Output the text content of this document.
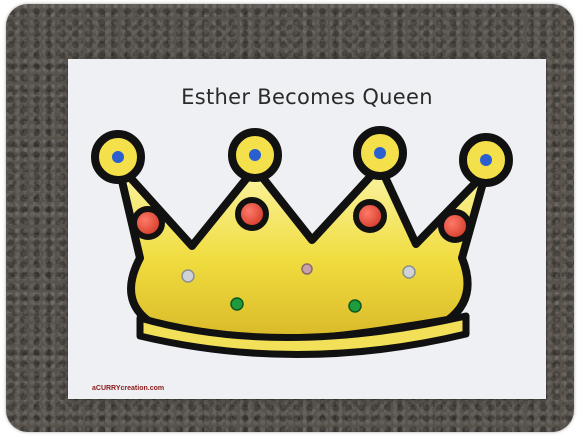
Esther Becomes Queen
aCURRYcreation.com
